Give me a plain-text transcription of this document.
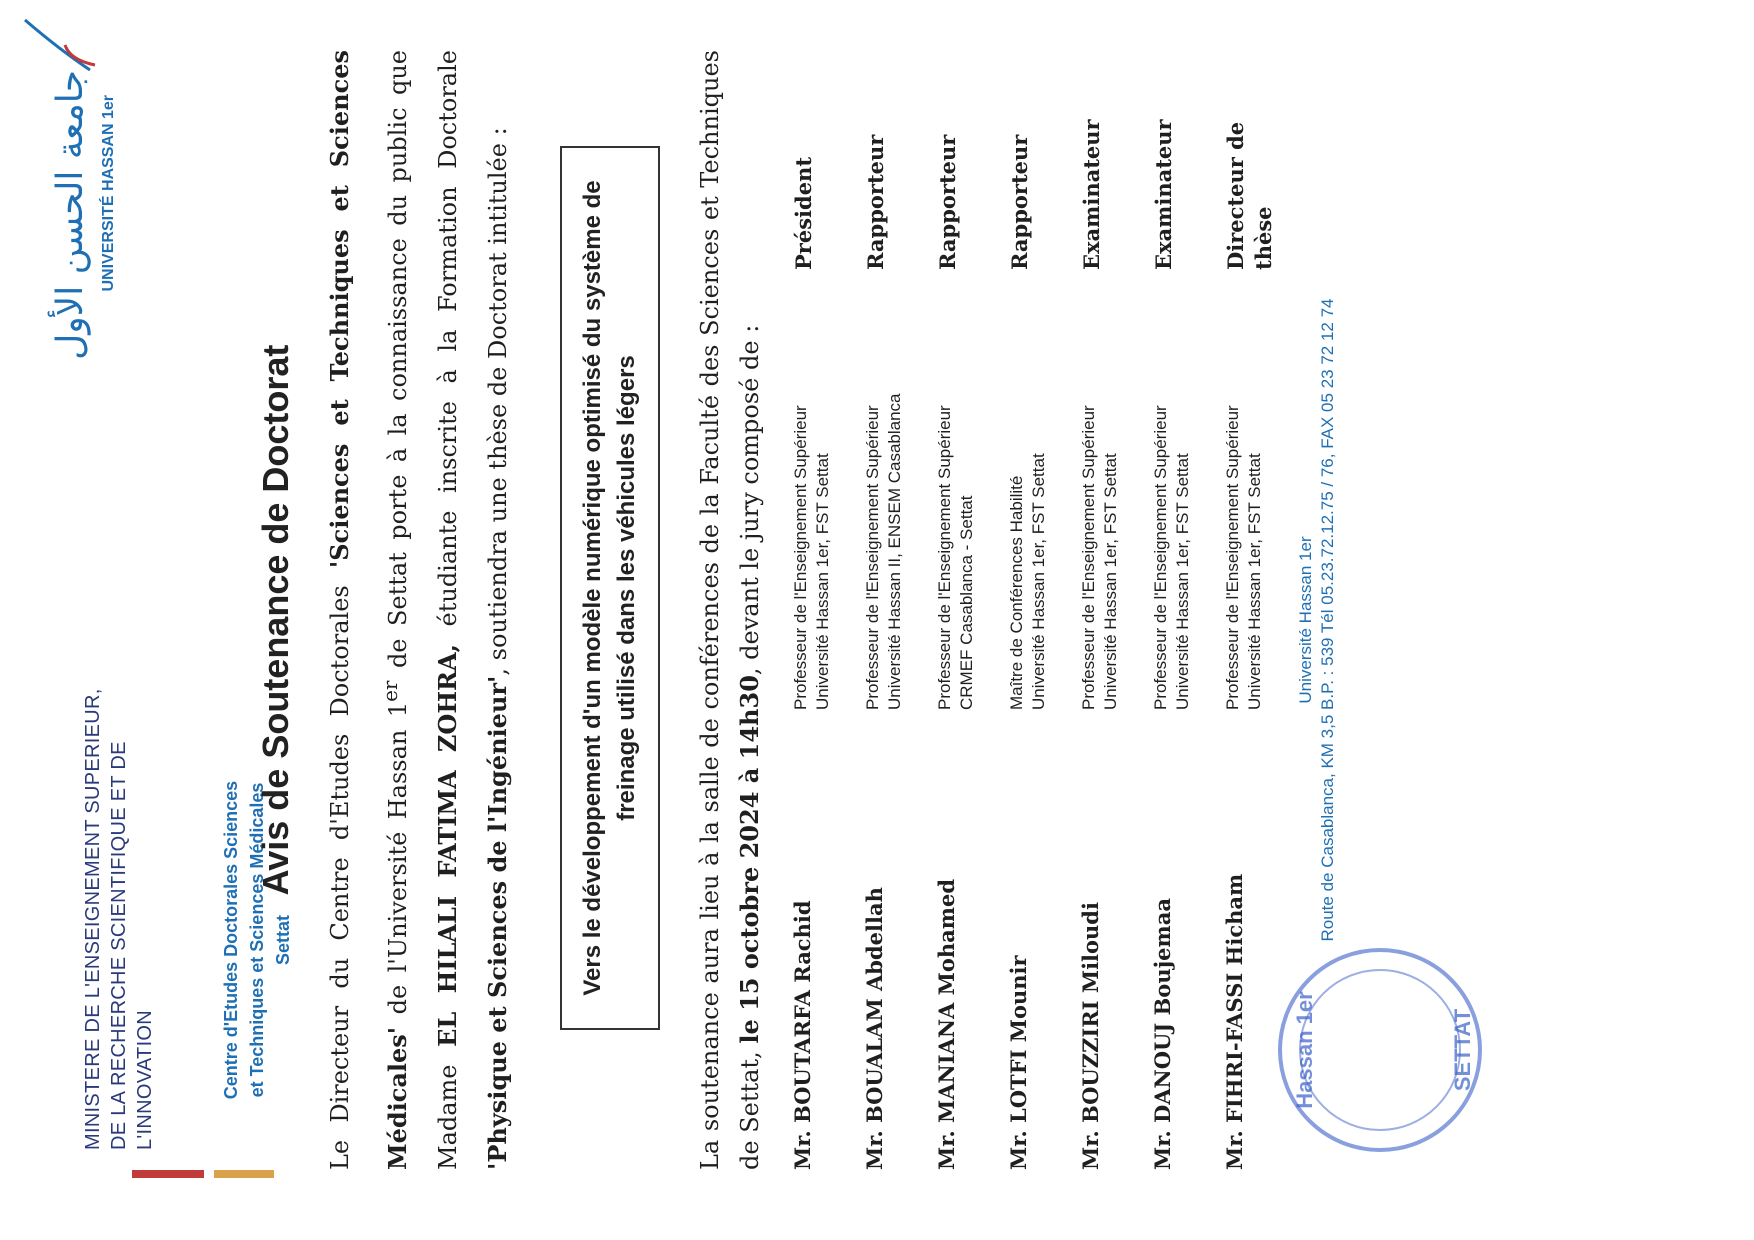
MINISTERE DE L'ENSEIGNEMENT SUPERIEUR, DE LA RECHERCHE SCIENTIFIQUE ET DE L'INNOVATION	Centre d'Etudes Doctorales Sciences et Techniques et Sciences Médicales Settat
جامعة الحسن الأول UNIVERSITÉ HASSAN 1er
Avis de Soutenance de Doctorat	Le Directeur du Centre d'Etudes Doctorales 'Sciences et Techniques et Sciences Médicales' de l'Université Hassan 1er de Settat porte à la connaissance du public que Madame EL HILALI FATIMA ZOHRA, étudiante inscrite à la Formation Doctorale 'Physique et Sciences de l'Ingénieur', soutiendra une thèse de Doctorat intitulée :	Vers le développement d'un modèle numérique optimisé du système de freinage utilisé dans les véhicules légers	La soutenance aura lieu à la salle de conférences de la Faculté des Sciences et Techniques de Settat, le 15 octobre 2024 à 14h30, devant le jury composé de :
Mr. BOUTARFA Rachid
Professeur de l'Enseignement Supérieur Université Hassan 1er, FST Settat
Président
Mr. BOUALAM Abdellah
Professeur de l'Enseignement Supérieur Université Hassan II, ENSEM Casablanca
Rapporteur
Mr. MANIANA Mohamed
Professeur de l'Enseignement Supérieur CRMEF Casablanca - Settat
Rapporteur
Mr. LOTFI Mounir
Maître de Conférences Habilité Université Hassan 1er, FST Settat
Rapporteur
Mr. BOUZZIRI Miloudi
Professeur de l'Enseignement Supérieur Université Hassan 1er, FST Settat
Examinateur
Mr. DANOUJ Boujemaa
Professeur de l'Enseignement Supérieur Université Hassan 1er, FST Settat
Examinateur
Mr. FIHRI-FASSI Hicham
Professeur de l'Enseignement Supérieur Université Hassan 1er, FST Settat
Directeur de thèse
Hassan 1er	SETTAT
Université Hassan 1er Route de Casablanca, KM 3,5 B.P. : 539 Tél 05.23.72.12.75 / 76, FAX 05 23 72 12 74
